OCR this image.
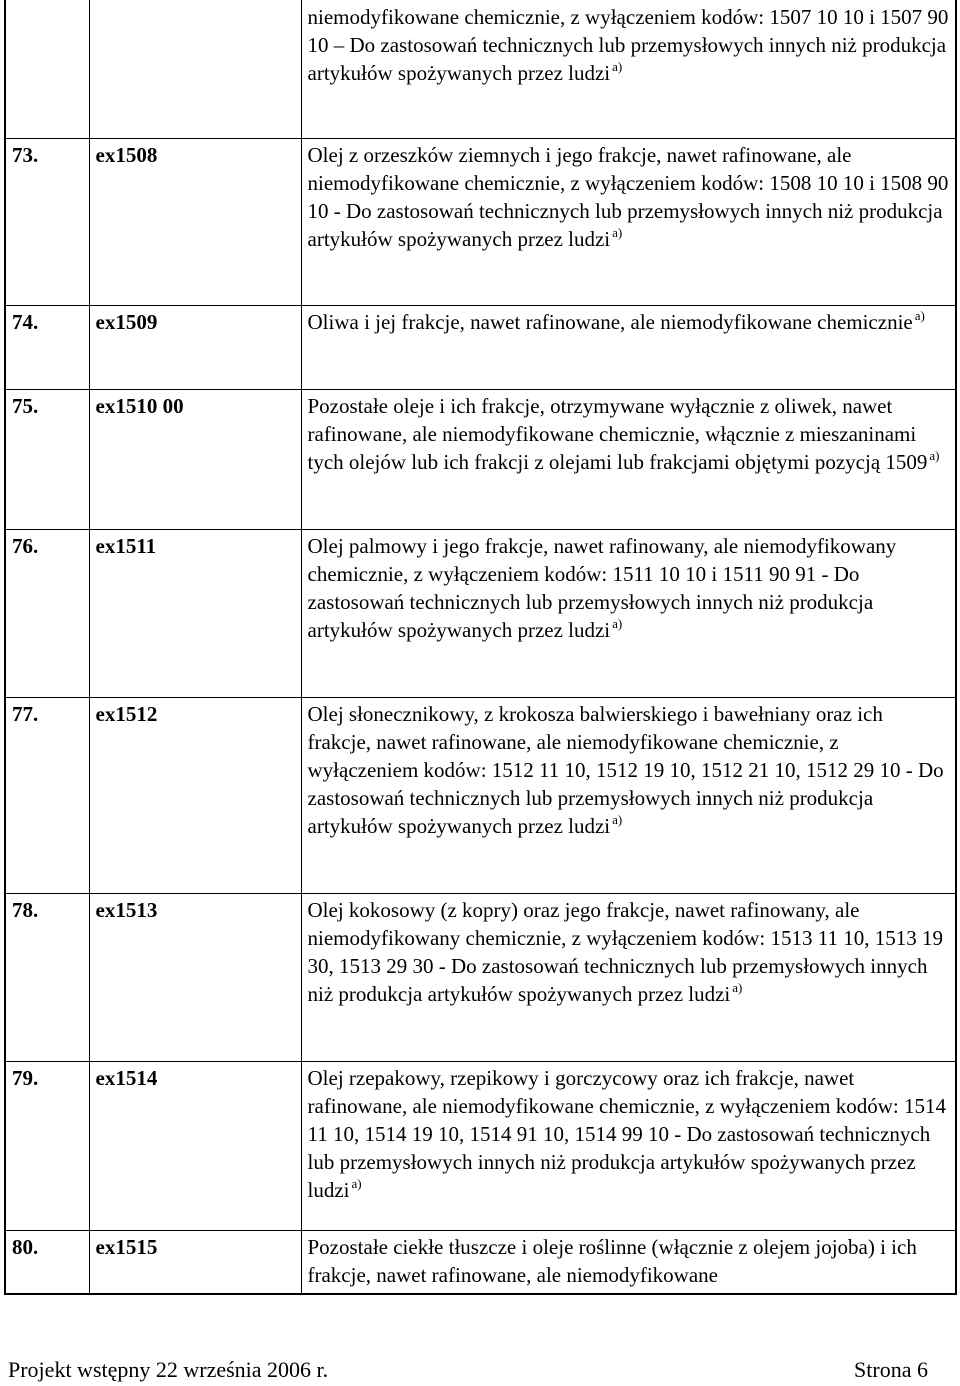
		niemodyfikowane chemicznie, z wyłączeniem kodów: 1507 10 10 i 1507 90 10 – Do zastosowań technicznych lub przemysłowych innych niż produkcja artykułów spożywanych przez ludzi $^{a)}$
73.	ex1508	Olej z orzeszków ziemnych i jego frakcje, nawet rafinowane, ale niemodyfikowane chemicznie, z wyłączeniem kodów: 1508 10 10 i 1508 90 10 - Do zastosowań technicznych lub przemysłowych innych niż produkcja artykułów spożywanych przez ludzi $^{a)}$
74.	ex1509	Oliwa i jej frakcje, nawet rafinowane, ale niemodyfikowane chemicznie $^{a)}$
75.	ex1510 00	Pozostałe oleje i ich frakcje, otrzymywane wyłącznie z oliwek, nawet rafinowane, ale niemodyfikowane chemicznie, włącznie z mieszaninami tych olejów lub ich frakcji z olejami lub frakcjami objętymi pozycją 1509 $^{a)}$
76.	ex1511	Olej palmowy i jego frakcje, nawet rafinowany, ale niemodyfikowany chemicznie, z wyłączeniem kodów: 1511 10 10 i 1511 90 91 - Do zastosowań technicznych lub przemysłowych innych niż produkcja artykułów spożywanych przez ludzi $^{a)}$
77.	ex1512	Olej słonecznikowy, z krokosza balwierskiego i bawełniany oraz ich frakcje, nawet rafinowane, ale niemodyfikowane chemicznie, z wyłączeniem kodów: 1512 11 10, 1512 19 10, 1512 21 10, 1512 29 10 - Do zastosowań technicznych lub przemysłowych innych niż produkcja artykułów spożywanych przez ludzi $^{a)}$
78.	ex1513	Olej kokosowy (z kopry) oraz jego frakcje, nawet rafinowany, ale niemodyfikowany chemicznie, z wyłączeniem kodów: 1513 11 10, 1513 19 30, 1513 29 30 - Do zastosowań technicznych lub przemysłowych innych niż produkcja artykułów spożywanych przez ludzi $^{a)}$
79.	ex1514	Olej rzepakowy, rzepikowy i gorczycowy oraz ich frakcje, nawet rafinowane, ale niemodyfikowane chemicznie, z wyłączeniem kodów: 1514 11 10, 1514 19 10, 1514 91 10, 1514 99 10 - Do zastosowań technicznych lub przemysłowych innych niż produkcja artykułów spożywanych przez ludzi $^{a)}$
80.	ex1515	Pozostałe ciekłe tłuszcze i oleje roślinne (włącznie z olejem jojoba) i ich frakcje, nawet rafinowane, ale niemodyfikowane
Projekt wstępny 22 września 2006 r.	Strona 6
